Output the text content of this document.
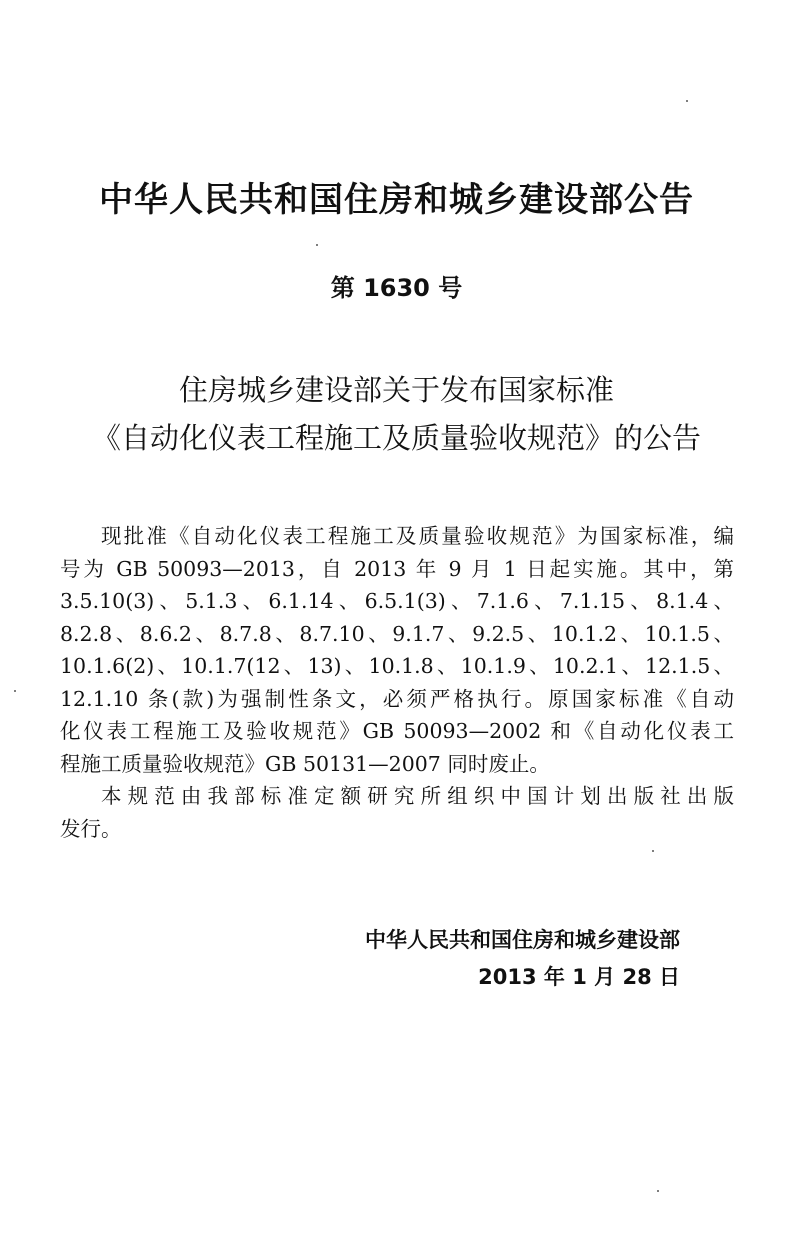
中华人民共和国住房和城乡建设部公告
第 1630 号
住房城乡建设部关于发布国家标准
《自动化仪表工程施工及质量验收规范》的公告
现批准《自动化仪表工程施工及质量验收规范》为国家标准，编
号为 GB 50093—2013，自 2013 年 9 月 1 日起实施。其中，第
3.5.10(3)、5.1.3、6.1.14、6.5.1(3)、7.1.6、7.1.15、8.1.4、
8.2.8、8.6.2、8.7.8、8.7.10、9.1.7、9.2.5、10.1.2、10.1.5、
10.1.6(2)、10.1.7(12、13)、10.1.8、10.1.9、10.2.1、12.1.5、
12.1.10 条(款)为强制性条文，必须严格执行。原国家标准《自动
化仪表工程施工及验收规范》GB 50093—2002 和《自动化仪表工
程施工质量验收规范》GB 50131—2007 同时废止。
本规范由我部标准定额研究所组织中国计划出版社出版
发行。
中华人民共和国住房和城乡建设部
2013 年 1 月 28 日
